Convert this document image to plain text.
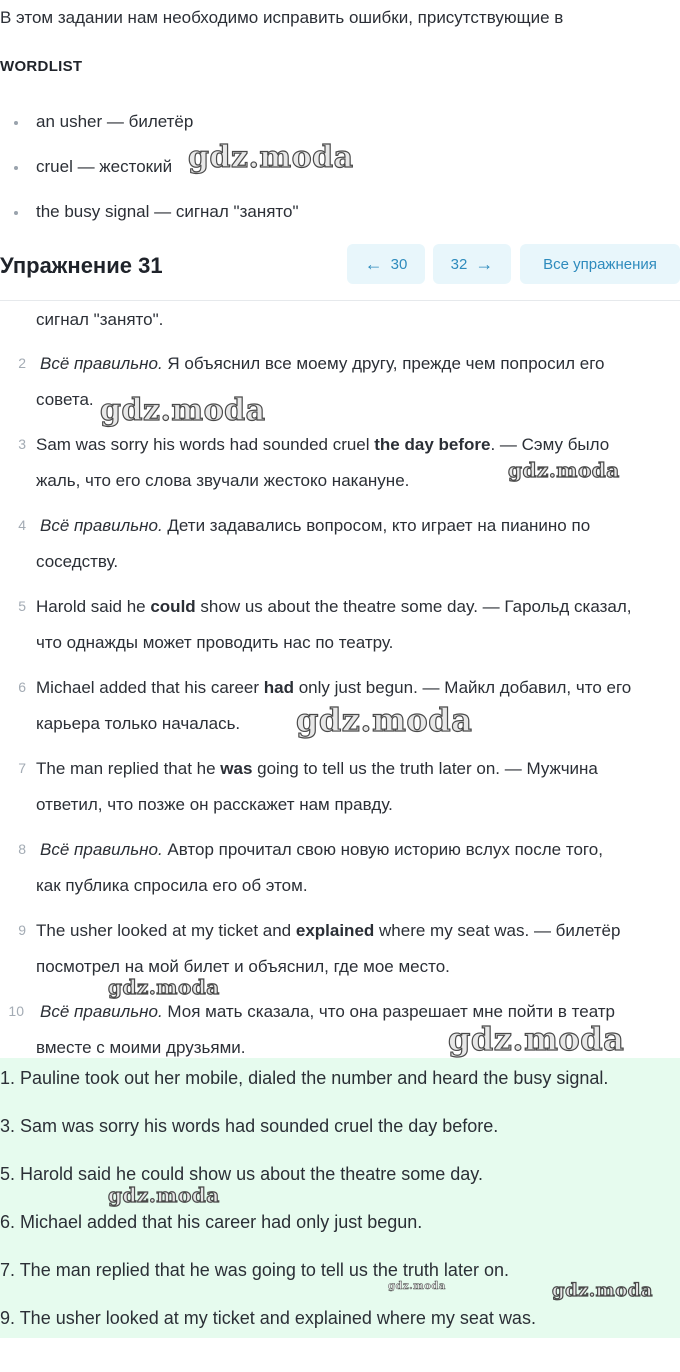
В этом задании нам необходимо исправить ошибки, присутствующие в
WORDLIST
an usher — билетёр
cruel — жестокий
the busy signal — сигнал "занято"
Упражнение 31	← 30	32 →	Все упражнения
сигнал "занято".
2 Всё правильно. Я объяснил все моему другу, прежде чем попросил его
совета.
3 Sam was sorry his words had sounded cruel the day before. — Сэму было
жаль, что его слова звучали жестоко накануне.
4 Всё правильно. Дети задавались вопросом, кто играет на пианино по
соседству.
5 Harold said he could show us about the theatre some day. — Гарольд сказал,
что однажды может проводить нас по театру.
6 Michael added that his career had only just begun. — Майкл добавил, что его
карьера только началась.
7 The man replied that he was going to tell us the truth later on. — Мужчина
ответил, что позже он расскажет нам правду.
8 Всё правильно. Автор прочитал свою новую историю вслух после того,
как публика спросила его об этом.
9 The usher looked at my ticket and explained where my seat was. — билетёр
посмотрел на мой билет и объяснил, где мое место.
10 Всё правильно. Моя мать сказала, что она разрешает мне пойти в театр
вместе с моими друзьями.
1. Pauline took out her mobile, dialed the number and heard the busy signal.
3. Sam was sorry his words had sounded cruel the day before.
5. Harold said he could show us about the theatre some day.
6. Michael added that his career had only just begun.
7. The man replied that he was going to tell us the truth later on.
9. The usher looked at my ticket and explained where my seat was.
gdz.moda
gdz.moda
gdz.moda
gdz.moda
gdz.moda
gdz.moda
gdz.moda
gdz.moda	gdz.moda
